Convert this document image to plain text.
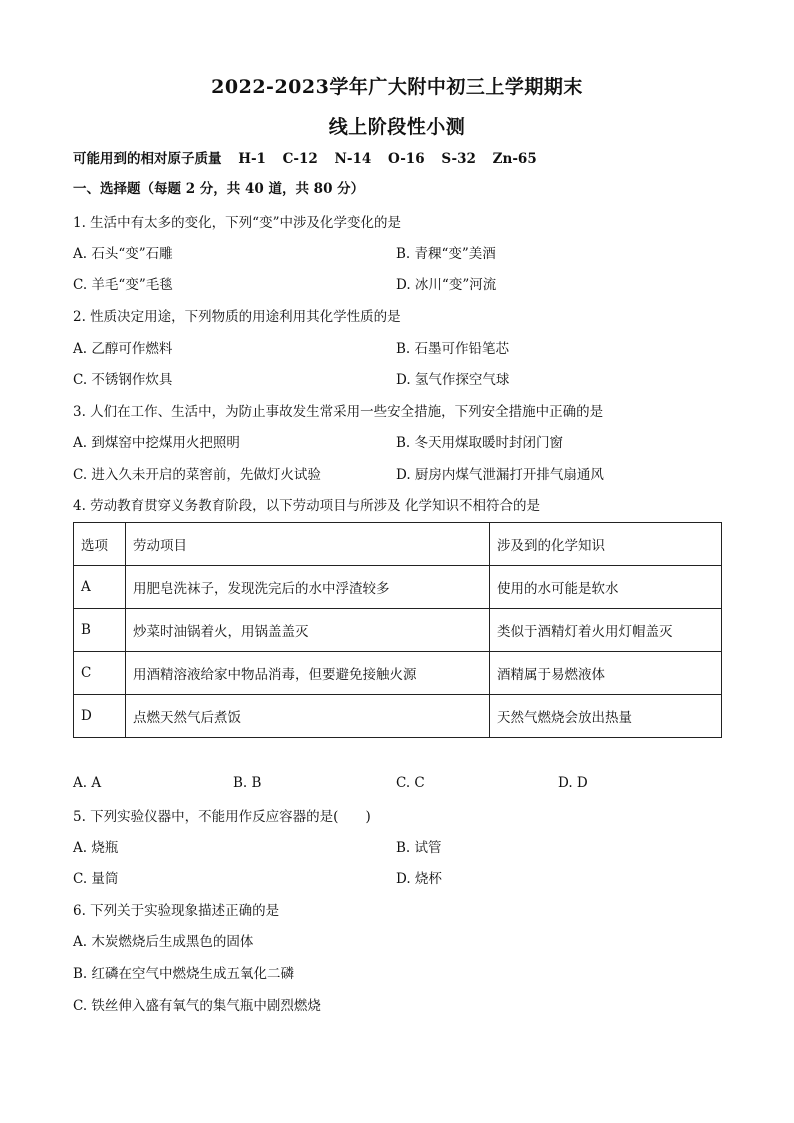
2022-2023学年广大附中初三上学期期末
线上阶段性小测
可能用到的相对原子质量 H-1 C-12 N-14 O-16 S-32 Zn-65
一、选择题（每题 2 分，共 40 道，共 80 分）
1. 生活中有太多的变化，下列“变”中涉及化学变化的是
A. 石头“变”石雕	B. 青稞“变”美酒
C. 羊毛“变”毛毯	D. 冰川“变”河流
2. 性质决定用途，下列物质的用途利用其化学性质的是
A. 乙醇可作燃料	B. 石墨可作铅笔芯
C. 不锈钢作炊具	D. 氢气作探空气球
3. 人们在工作、生活中，为防止事故发生常采用一些安全措施，下列安全措施中正确的是
A. 到煤窑中挖煤用火把照明	B. 冬天用煤取暖时封闭门窗
C. 进入久未开启的菜窖前，先做灯火试验	D. 厨房内煤气泄漏打开排气扇通风
4. 劳动教育贯穿义务教育阶段，以下劳动项目与所涉及 化学知识不相符合的是
选项	劳动项目	涉及到的化学知识
A	用肥皂洗袜子，发现洗完后的水中浮渣较多	使用的水可能是软水
B	炒菜时油锅着火，用锅盖盖灭	类似于酒精灯着火用灯帽盖灭
C	用酒精溶液给家中物品消毒，但要避免接触火源	酒精属于易燃液体
D	点燃天然气后煮饭	天然气燃烧会放出热量
A. A	B. B	C. C	D. D
5. 下列实验仪器中，不能用作反应容器的是(　　)
A. 烧瓶	B. 试管
C. 量筒	D. 烧杯
6. 下列关于实验现象描述正确的是
A. 木炭燃烧后生成黑色的固体
B. 红磷在空气中燃烧生成五氧化二磷
C. 铁丝伸入盛有氧气的集气瓶中剧烈燃烧
